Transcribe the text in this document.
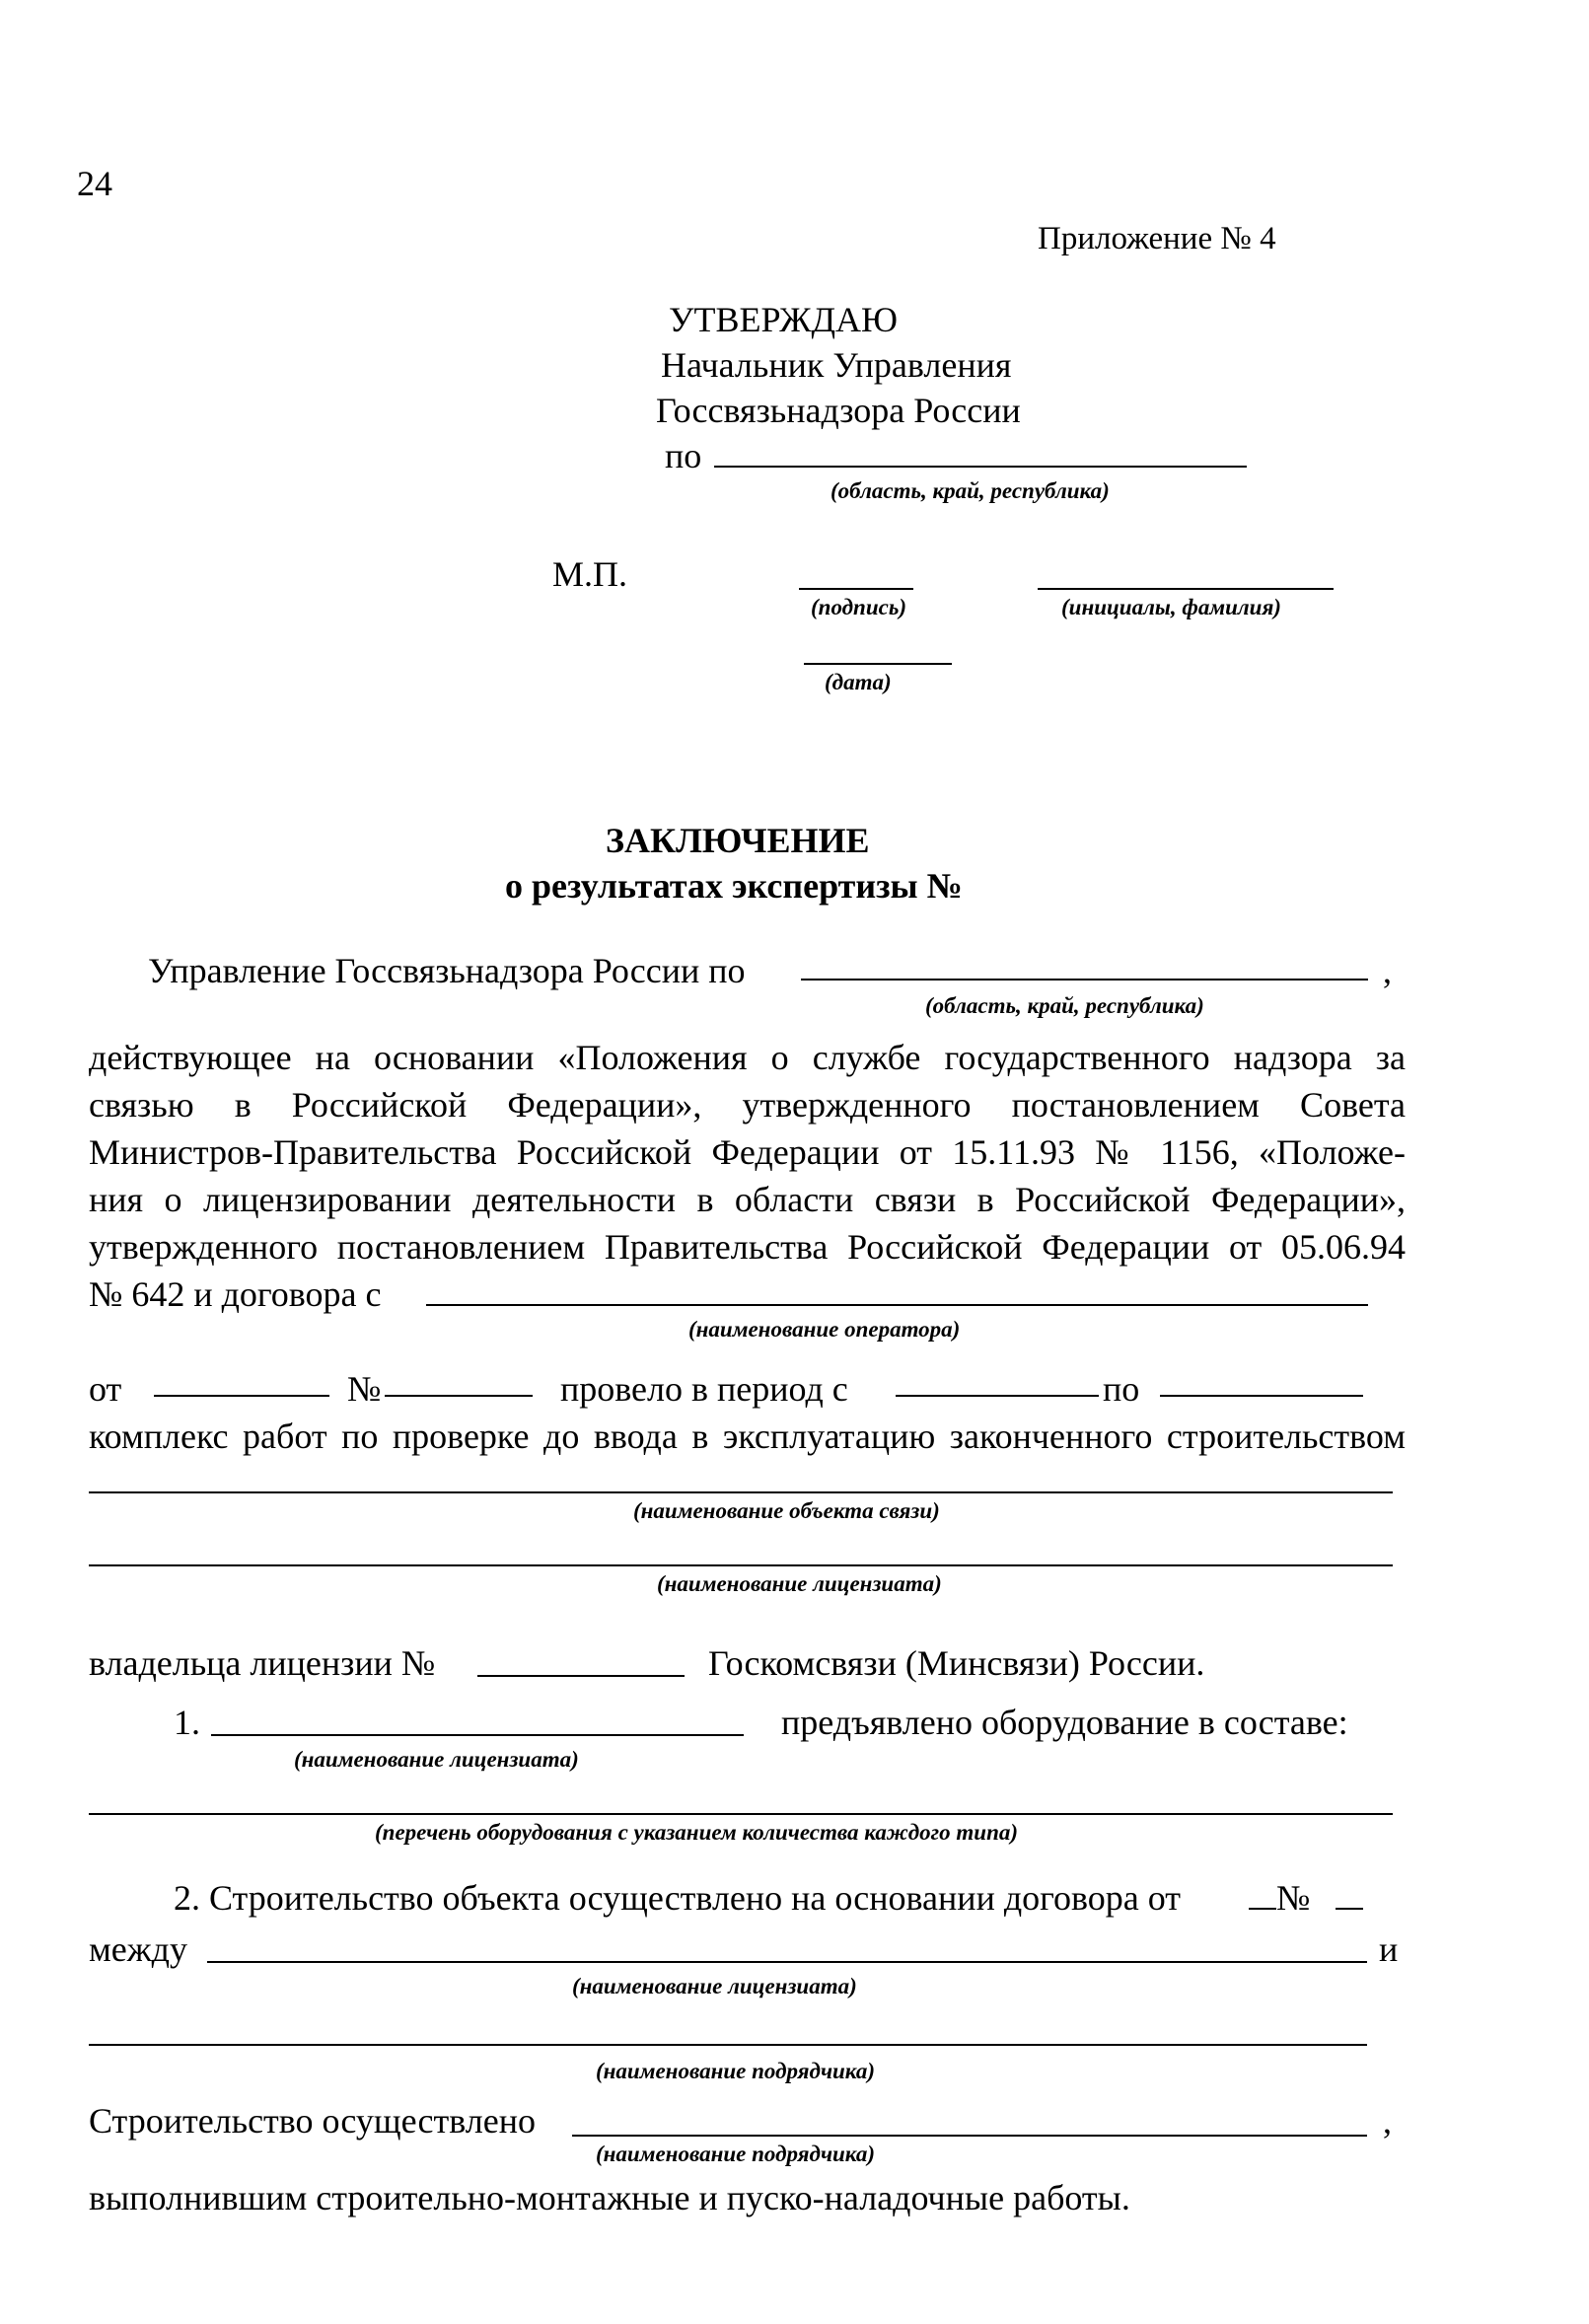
24
Приложение № 4
УТВЕРЖДАЮ
Начальник Управления
Госсвязьнадзора России
по
(область, край, республика)
М.П.
(подпись)	(инициалы, фамилия)
(дата)
ЗАКЛЮЧЕНИЕ
о результатах экспертизы №
Управление Госсвязьнадзора России по	,
(область, край, республика)
действующее на основании «Положения о службе государственного надзора за
связью в Российской Федерации», утвержденного постановлением Совета
Министров-Правительства Российской Федерации от 15.11.93 № 1156, «Положе-
ния о лицензировании деятельности в области связи в Российской Федерации»,
утвержденного постановлением Правительства Российской Федерации от 05.06.94
№ 642 и договора с
(наименование оператора)
от	№	провело в период с	по
комплекс работ по проверке до ввода в эксплуатацию законченного строительством
(наименование объекта связи)
(наименование лицензиата)
владельца лицензии №	Госкомсвязи (Минсвязи) России.
1.	предъявлено оборудование в составе:
(наименование лицензиата)
(перечень оборудования с указанием количества каждого типа)
2. Строительство объекта осуществлено на основании договора от	№
между	и
(наименование лицензиата)
(наименование подрядчика)
Строительство осуществлено	,
(наименование подрядчика)
выполнившим строительно-монтажные и пуско-наладочные работы.
